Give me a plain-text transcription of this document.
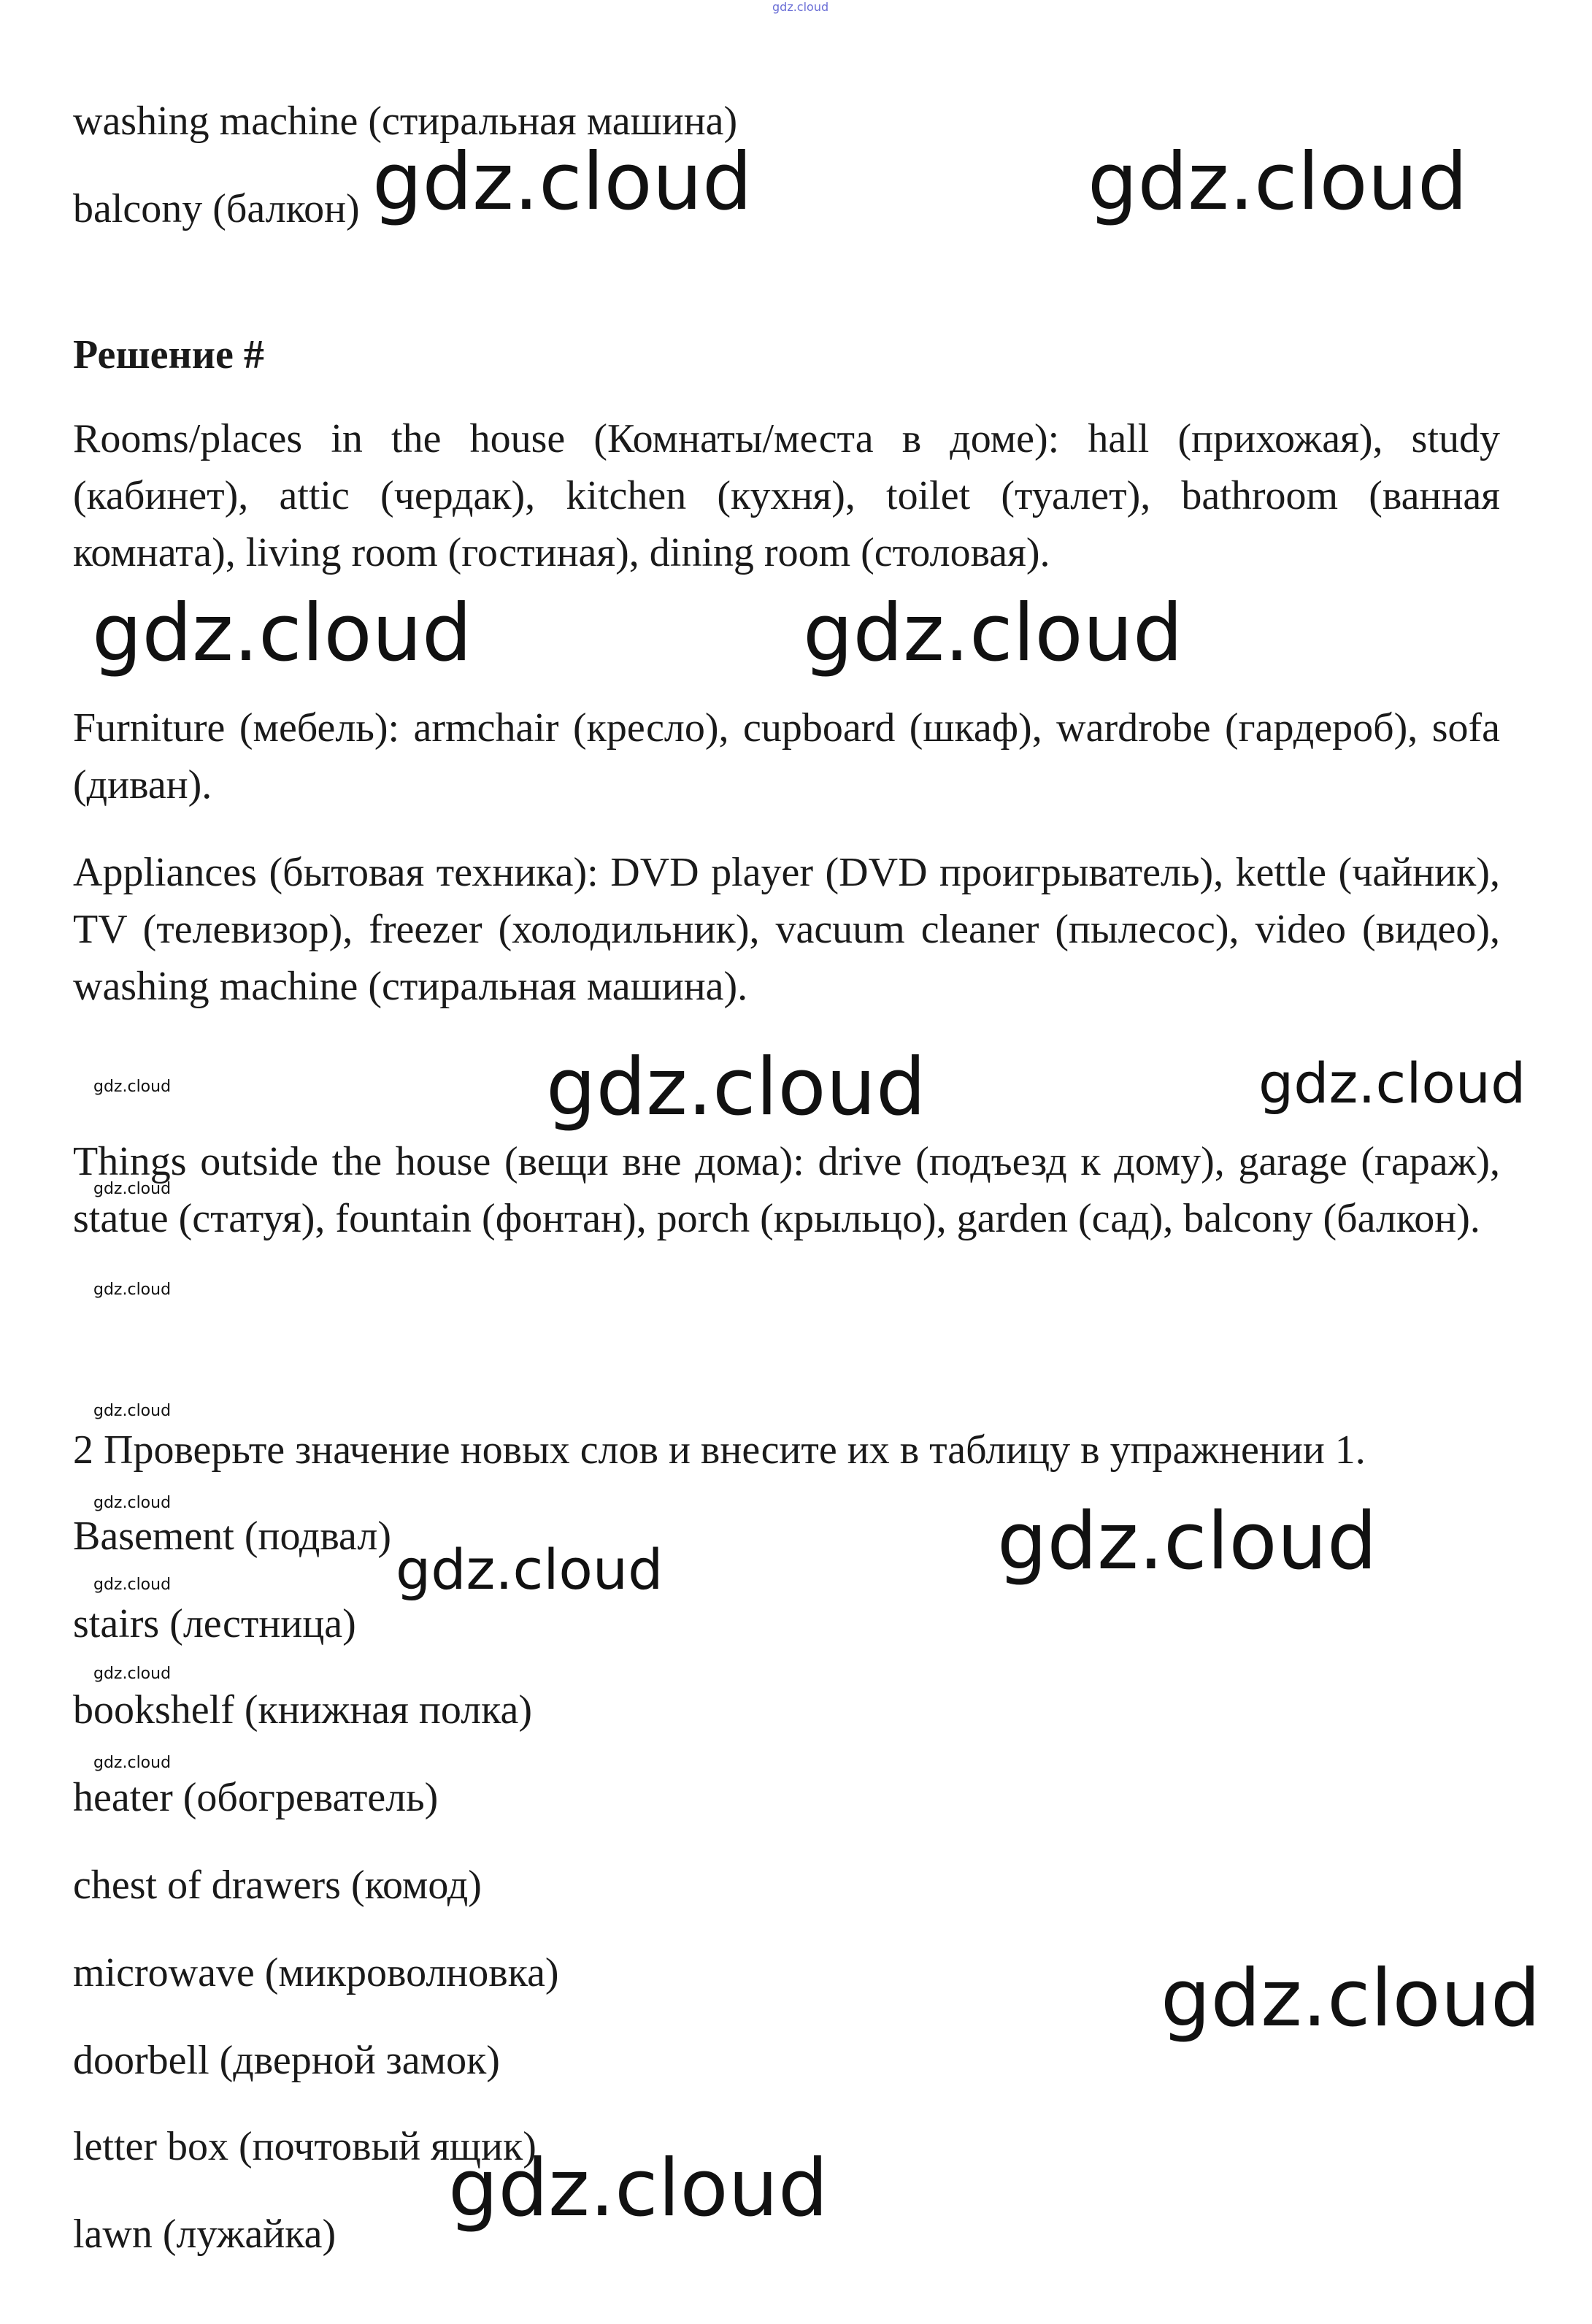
gdz.cloud
washing machine (стиральная машина)
balcony (балкон)
Решение #
Rooms/places in the house (Комнаты/места в доме): hall (прихожая), study (кабинет), attic (чердак), kitchen (кухня), toilet (туалет), bathroom (ванная комната), living room (гостиная), dining room (столовая).
Furniture (мебель): armchair (кресло), cupboard (шкаф), wardrobe (гардероб), sofa (диван).
Appliances (бытовая техника): DVD player (DVD проигрыватель), kettle (чайник), TV (телевизор), freezer (холодильник), vacuum cleaner (пылесос), video (видео), washing machine (стиральная машина).
Things outside the house (вещи вне дома): drive (подъезд к дому), garage (гараж), statue (статуя), fountain (фонтан), porch (крыльцо), garden (сад), balcony (балкон).
2 Проверьте значение новых слов и внесите их в таблицу в упражнении 1.
Basement (подвал)
stairs (лестница)
bookshelf (книжная полка)
heater (обогреватель)
chest of drawers (комод)
microwave (микроволновка)
doorbell (дверной замок)
letter box (почтовый ящик)
lawn (лужайка)
gdz.cloud	gdz.cloud
gdz.cloud	gdz.cloud
gdz.cloud
gdz.cloud
gdz.cloud
gdz.cloud
gdz.cloud
gdz.cloud
gdz.cloud
gdz.cloud
gdz.cloud
gdz.cloud
gdz.cloud
gdz.cloud
gdz.cloud
gdz.cloud
